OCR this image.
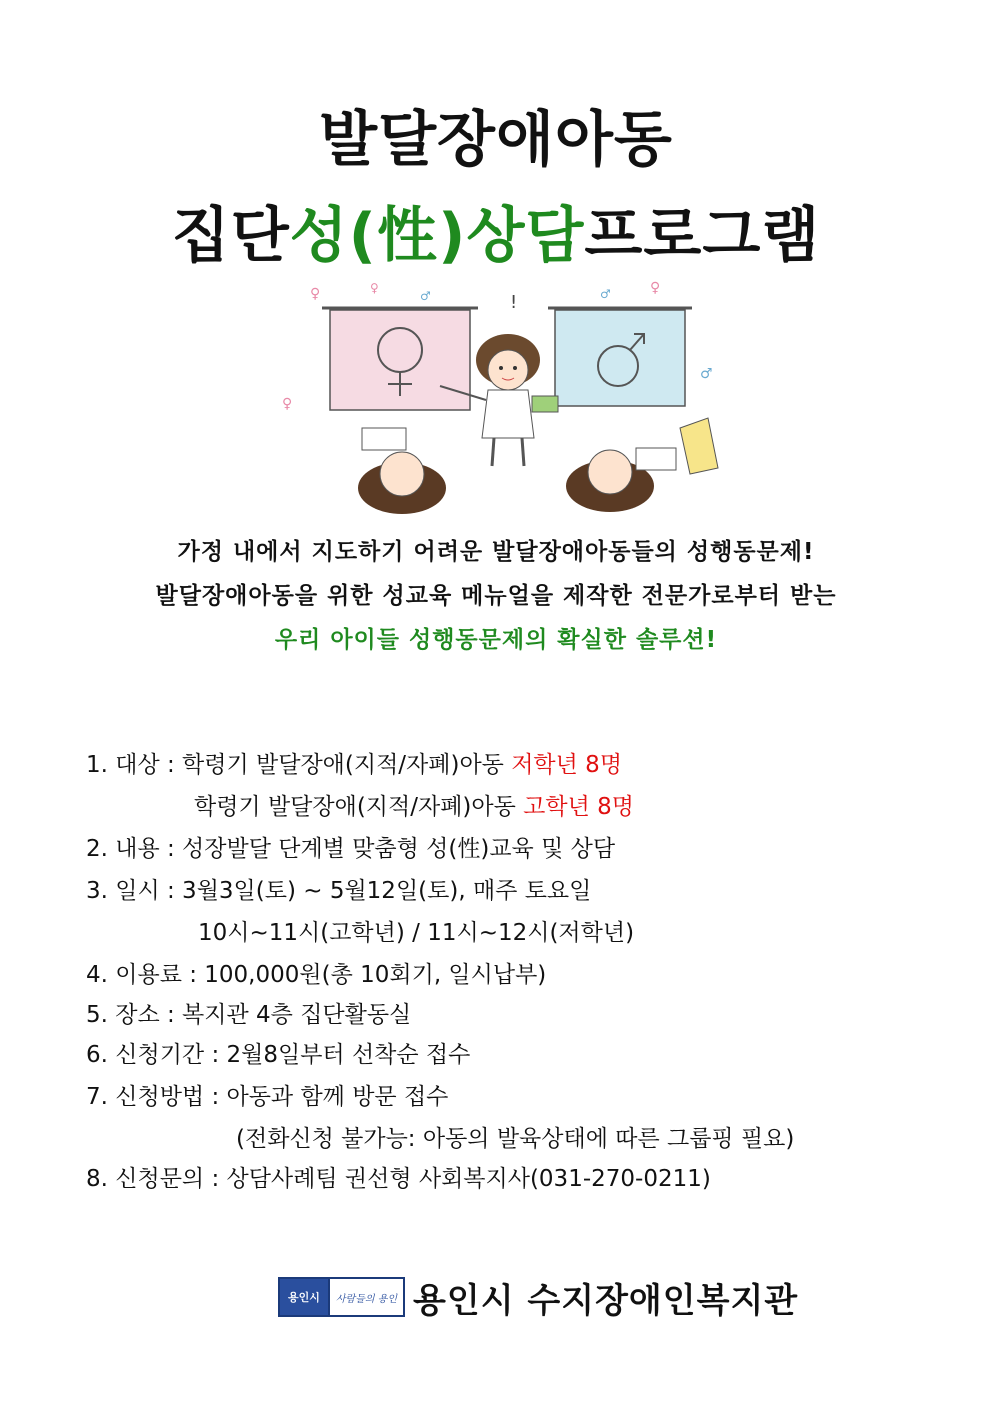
발달장애아동
집단성(性)상담프로그램
♀	♀
♂	♂	♀
♀
♂
!
가정 내에서 지도하기 어려운 발달장애아동들의 성행동문제!
발달장애아동을 위한 성교육 메뉴얼을 제작한 전문가로부터 받는
우리 아이들 성행동문제의 확실한 솔루션!
1. 대상 : 학령기 발달장애(지적/자폐)아동 저학년 8명
학령기 발달장애(지적/자폐)아동 고학년 8명
2. 내용 : 성장발달 단계별 맞춤형 성(性)교육 및 상담
3. 일시 : 3월3일(토) ~ 5월12일(토), 매주 토요일
10시~11시(고학년) / 11시~12시(저학년)
4. 이용료 : 100,000원(총 10회기, 일시납부)
5. 장소 : 복지관 4층 집단활동실
6. 신청기간 : 2월8일부터 선착순 접수
7. 신청방법 : 아동과 함께 방문 접수
(전화신청 불가능: 아동의 발육상태에 따른 그룹핑 필요)
8. 신청문의 : 상담사례팀 권선형 사회복지사(031-270-0211)
용인시	사람들의 용인 용인시 수지장애인복지관
